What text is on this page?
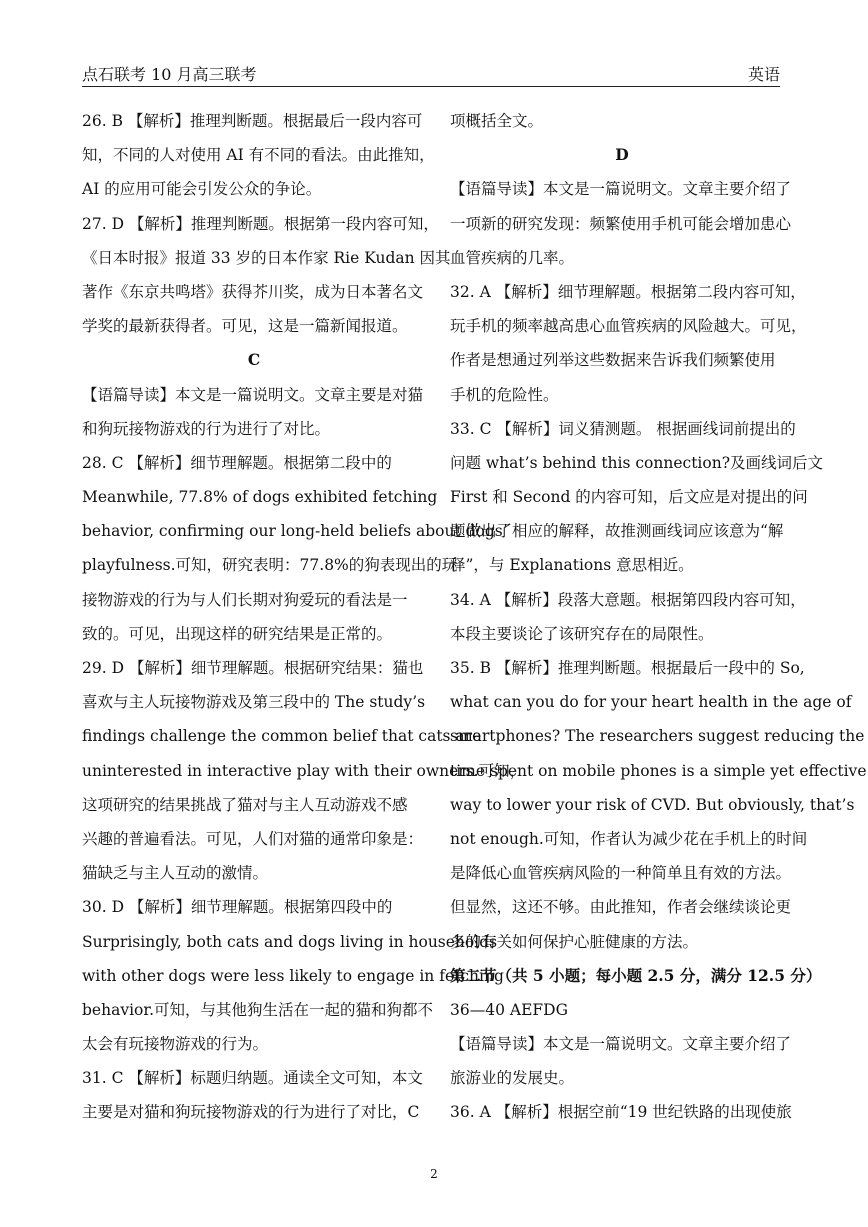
点石联考 10 月高三联考	英语
26. B 【解析】推理判断题。根据最后一段内容可
知，不同的人对使用 AI 有不同的看法。由此推知，
AI 的应用可能会引发公众的争论。
27. D 【解析】推理判断题。根据第一段内容可知，
《日本时报》报道 33 岁的日本作家 Rie Kudan 因其
著作《东京共鸣塔》获得芥川奖，成为日本著名文
学奖的最新获得者。可见，这是一篇新闻报道。
C
【语篇导读】本文是一篇说明文。文章主要是对猫
和狗玩接物游戏的行为进行了对比。
28. C 【解析】细节理解题。根据第二段中的
Meanwhile, 77.8% of dogs exhibited fetching
behavior, confirming our long-held beliefs about dogs’
playfulness.可知，研究表明：77.8%的狗表现出的玩
接物游戏的行为与人们长期对狗爱玩的看法是一
致的。可见，出现这样的研究结果是正常的。
29. D 【解析】细节理解题。根据研究结果：猫也
喜欢与主人玩接物游戏及第三段中的 The study’s
findings challenge the common belief that cats are
uninterested in interactive play with their owners.可知，
这项研究的结果挑战了猫对与主人互动游戏不感
兴趣的普遍看法。可见，人们对猫的通常印象是：
猫缺乏与主人互动的激情。
30. D 【解析】细节理解题。根据第四段中的
Surprisingly, both cats and dogs living in households
with other dogs were less likely to engage in fetching
behavior.可知，与其他狗生活在一起的猫和狗都不
太会有玩接物游戏的行为。
31. C 【解析】标题归纳题。通读全文可知，本文
主要是对猫和狗玩接物游戏的行为进行了对比，C
项概括全文。
D
【语篇导读】本文是一篇说明文。文章主要介绍了
一项新的研究发现：频繁使用手机可能会增加患心
血管疾病的几率。
32. A 【解析】细节理解题。根据第二段内容可知，
玩手机的频率越高患心血管疾病的风险越大。可见，
作者是想通过列举这些数据来告诉我们频繁使用
手机的危险性。
33. C 【解析】词义猜测题。 根据画线词前提出的
问题 what’s behind this connection?及画线词后文
First 和 Second 的内容可知，后文应是对提出的问
题做出了相应的解释，故推测画线词应该意为“解
释”，与 Explanations 意思相近。
34. A 【解析】段落大意题。根据第四段内容可知，
本段主要谈论了该研究存在的局限性。
35. B 【解析】推理判断题。根据最后一段中的 So,
what can you do for your heart health in the age of
smartphones? The researchers suggest reducing the
time spent on mobile phones is a simple yet effective
way to lower your risk of CVD. But obviously, that’s
not enough.可知，作者认为减少花在手机上的时间
是降低心血管疾病风险的一种简单且有效的方法。
但显然，这还不够。由此推知，作者会继续谈论更
多的有关如何保护心脏健康的方法。
第二节（共 5 小题；每小题 2.5 分，满分 12.5 分）
36—40 AEFDG
【语篇导读】本文是一篇说明文。文章主要介绍了
旅游业的发展史。
36. A 【解析】根据空前“19 世纪铁路的出现使旅
2
